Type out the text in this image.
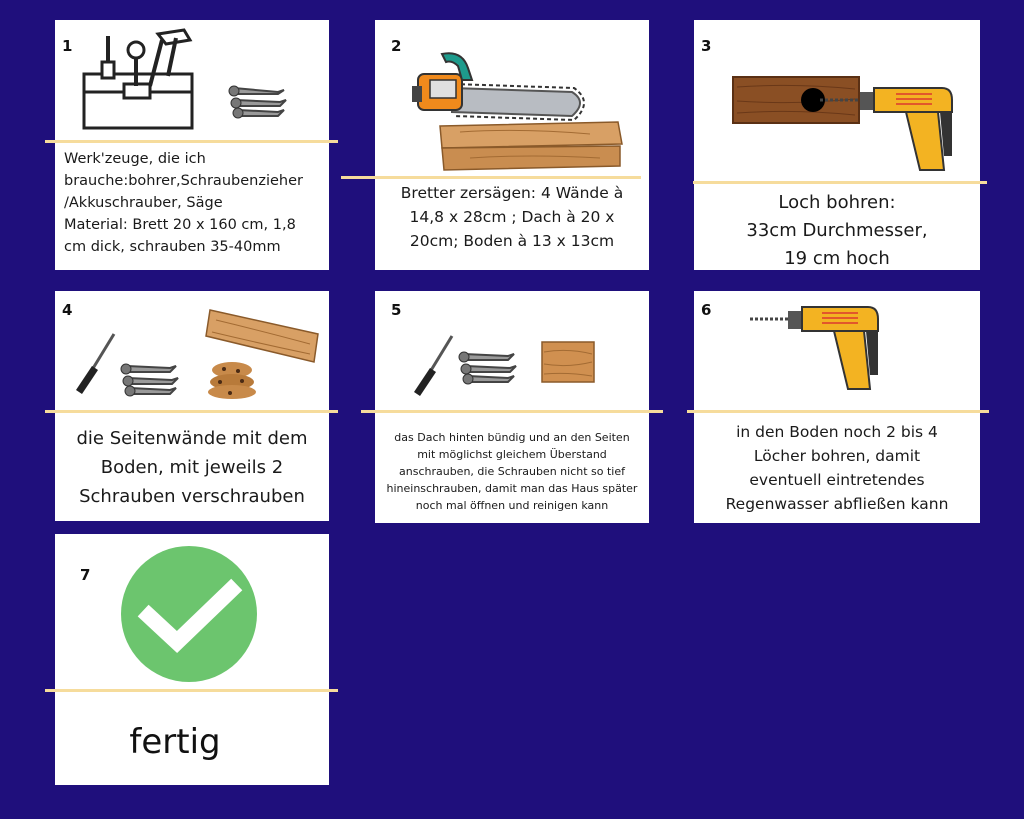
1
Werk'zeuge, die ich
brauche:bohrer,Schraubenzieher
/Akkuschrauber, Säge
Material: Brett 20 x 160 cm, 1,8
cm dick, schrauben 35-40mm
2
Bretter zersägen: 4 Wände à
14,8 x 28cm ; Dach à 20 x
20cm; Boden à 13 x 13cm
3
Loch bohren:
33cm Durchmesser,
19 cm hoch
4
die Seitenwände mit dem
Boden, mit jeweils 2
Schrauben verschrauben
5
das Dach hinten bündig und an den Seiten
mit möglichst gleichem Überstand
anschrauben, die Schrauben nicht so tief
hineinschrauben, damit man das Haus später
noch mal öffnen und reinigen kann
6
in den Boden noch 2 bis 4
Löcher bohren, damit
eventuell eintretendes
Regenwasser abfließen kann
7
fertig
